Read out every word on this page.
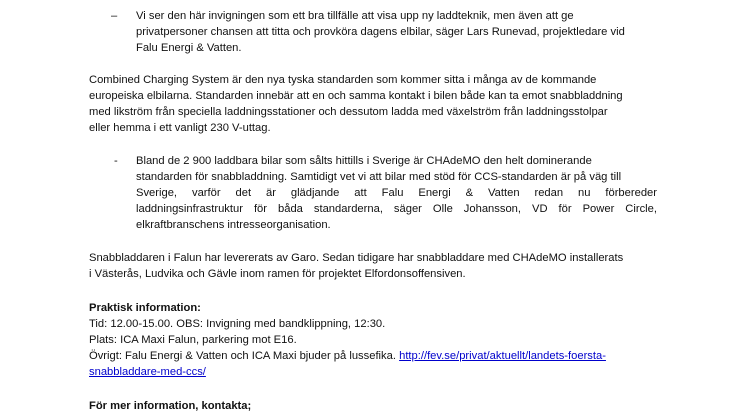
– Vi ser den här invigningen som ett bra tillfälle att visa upp ny laddteknik, men även att ge
privatpersoner chansen att titta och provköra dagens elbilar, säger Lars Runevad, projektledare vid
Falu Energi & Vatten.
Combined Charging System är den nya tyska standarden som kommer sitta i många av de kommande
europeiska elbilarna. Standarden innebär att en och samma kontakt i bilen både kan ta emot snabbladdning
med likström från speciella laddningsstationer och dessutom ladda med växelström från laddningsstolpar
eller hemma i ett vanligt 230 V-uttag.
- Bland de 2 900 laddbara bilar som sålts hittills i Sverige är CHAdeMO den helt dominerande
standarden för snabbladdning. Samtidigt vet vi att bilar med stöd för CCS-standarden är på väg till
Sverige, varför det är glädjande att Falu Energi & Vatten redan nu förbereder
laddningsinfrastruktur för båda standarderna, säger Olle Johansson, VD för Power Circle,
elkraftbranschens intresseorganisation.
Snabbladdaren i Falun har levererats av Garo. Sedan tidigare har snabbladdare med CHAdeMO installerats
i Västerås, Ludvika och Gävle inom ramen för projektet Elfordonsoffensiven.
Praktisk information:
Tid: 12.00-15.00. OBS: Invigning med bandklippning, 12:30.
Plats: ICA Maxi Falun, parkering mot E16.
Övrigt: Falu Energi & Vatten och ICA Maxi bjuder på lussefika. http://fev.se/privat/aktuellt/landets-foersta-
snabbladdare-med-ccs/
För mer information, kontakta;
